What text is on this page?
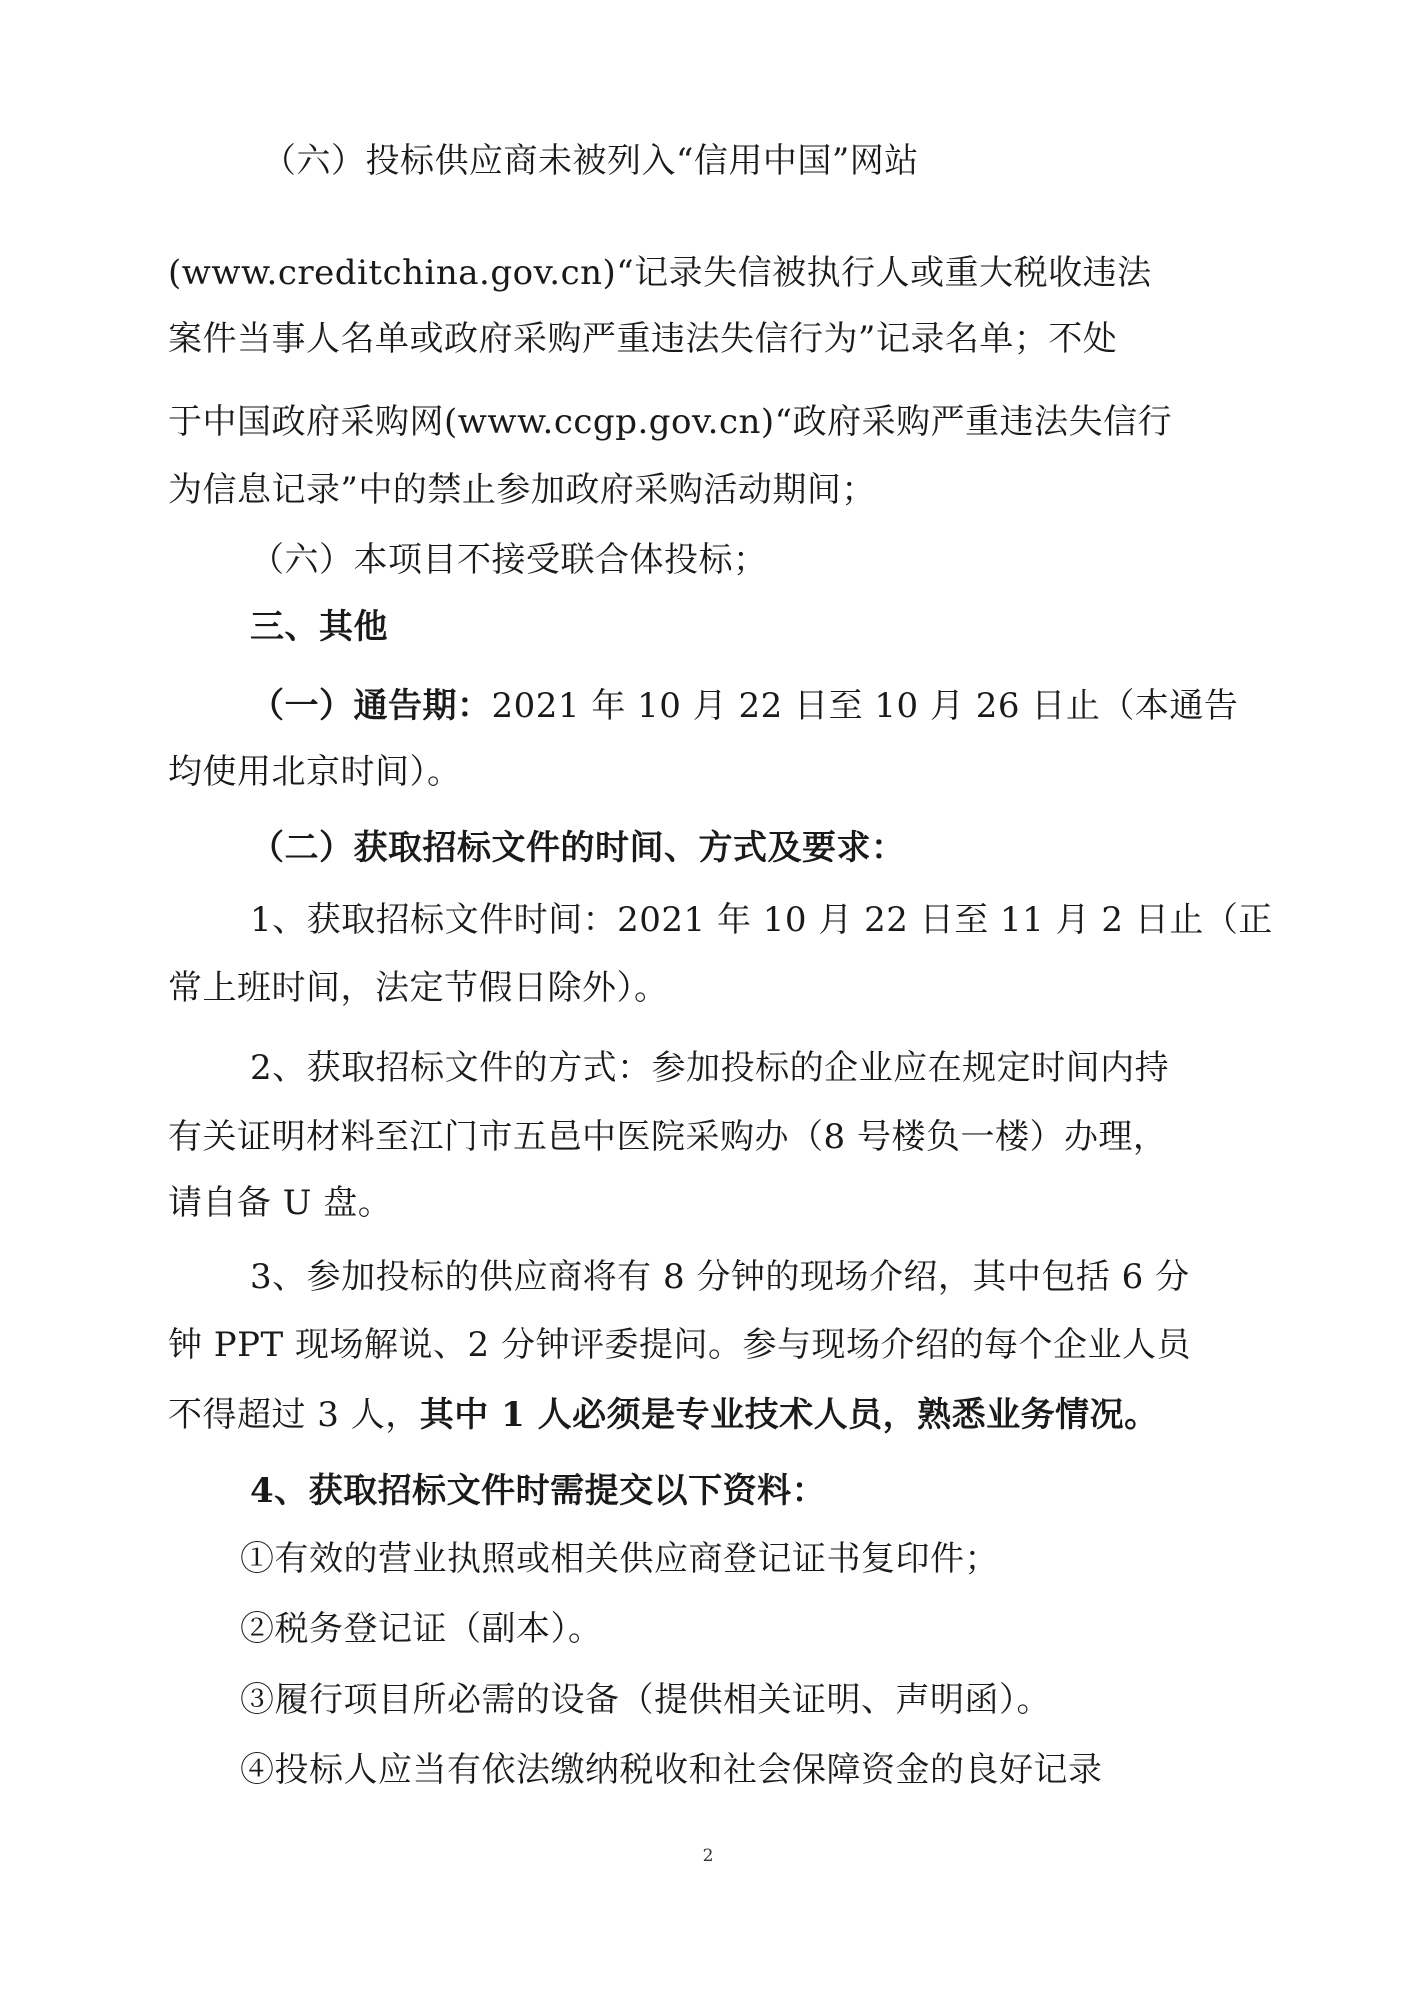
（六）投标供应商未被列入“信用中国”网站
(www.creditchina.gov.cn)“记录失信被执行人或重大税收违法
案件当事人名单或政府采购严重违法失信行为”记录名单；不处
于中国政府采购网(www.ccgp.gov.cn)“政府采购严重违法失信行
为信息记录”中的禁止参加政府采购活动期间；
（六）本项目不接受联合体投标；
三、其他
（一）通告期：2021 年 10 月 22 日至 10 月 26 日止（本通告
均使用北京时间）。
（二）获取招标文件的时间、方式及要求：
1、获取招标文件时间：2021 年 10 月 22 日至 11 月 2 日止（正
常上班时间，法定节假日除外）。
2、获取招标文件的方式：参加投标的企业应在规定时间内持
有关证明材料至江门市五邑中医院采购办（8 号楼负一楼）办理，
请自备 U 盘。
3、参加投标的供应商将有 8 分钟的现场介绍，其中包括 6 分
钟 PPT 现场解说、2 分钟评委提问。参与现场介绍的每个企业人员
不得超过 3 人，其中 1 人必须是专业技术人员，熟悉业务情况。
4、获取招标文件时需提交以下资料：
①有效的营业执照或相关供应商登记证书复印件；
②税务登记证（副本）。
③履行项目所必需的设备（提供相关证明、声明函）。
④投标人应当有依法缴纳税收和社会保障资金的良好记录
2
